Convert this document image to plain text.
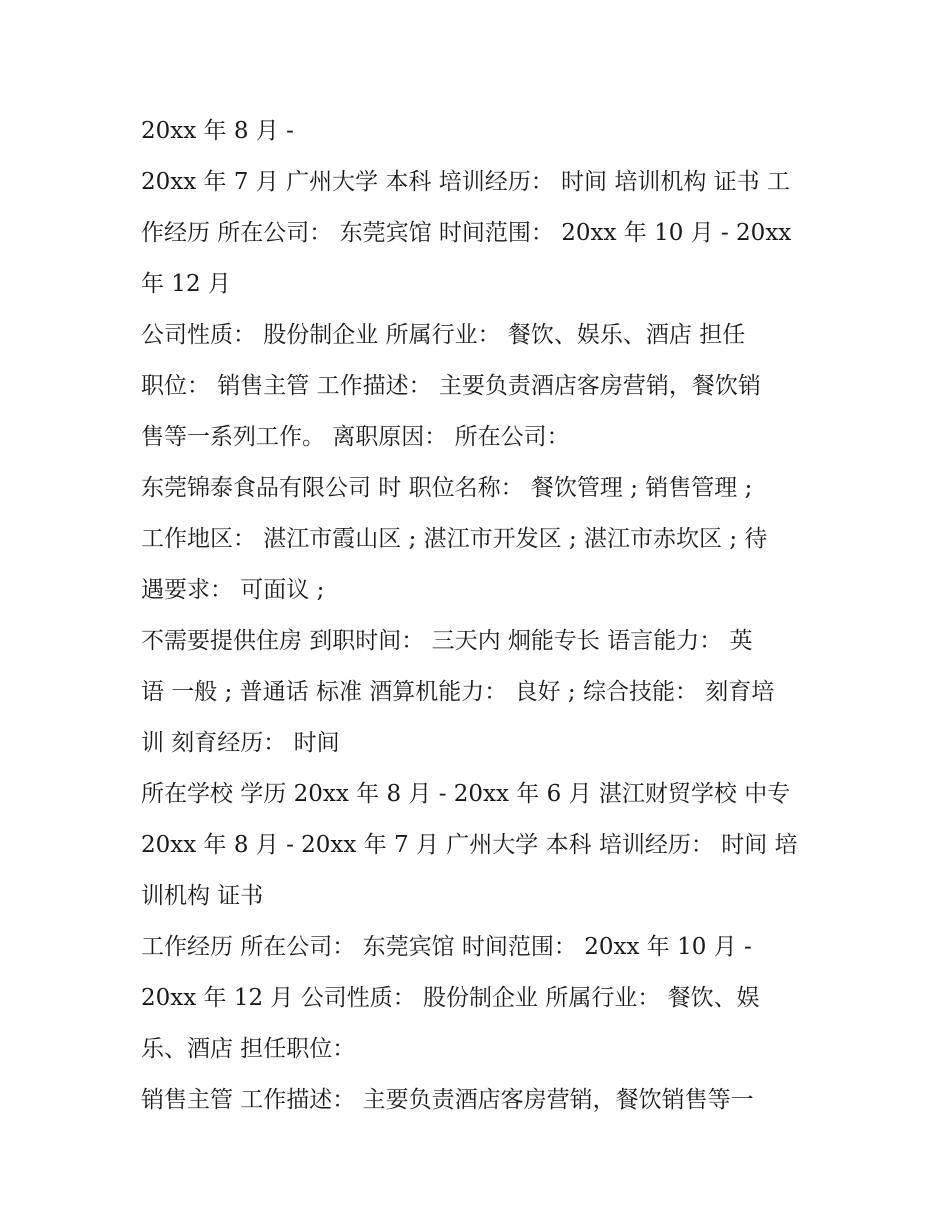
20xx 年 8 月 -
20xx 年 7 月 广州大学 本科 培训经历： 时间 培训机构 证书 工
作经历 所在公司： 东莞宾馆 时间范围： 20xx 年 10 月 - 20xx
年 12 月
公司性质： 股份制企业 所属行业： 餐饮、娱乐、酒店 担任
职位： 销售主管 工作描述： 主要负责酒店客房营销，餐饮销
售等一系列工作。 离职原因： 所在公司：
东莞锦泰食品有限公司 时 职位名称： 餐饮管理 ; 销售管理 ;
工作地区： 湛江市霞山区 ; 湛江市开发区 ; 湛江市赤坎区 ; 待
遇要求： 可面议 ;
不需要提供住房 到职时间： 三天内 炯能专长 语言能力： 英
语 一般 ; 普通话 标准 酒算机能力： 良好 ; 综合技能： 刻育培
训 刻育经历： 时间
所在学校 学历 20xx 年 8 月 - 20xx 年 6 月 湛江财贸学校 中专
20xx 年 8 月 - 20xx 年 7 月 广州大学 本科 培训经历： 时间 培
训机构 证书
工作经历 所在公司： 东莞宾馆 时间范围： 20xx 年 10 月 -
20xx 年 12 月 公司性质： 股份制企业 所属行业： 餐饮、娱
乐、酒店 担任职位：
销售主管 工作描述： 主要负责酒店客房营销，餐饮销售等一
